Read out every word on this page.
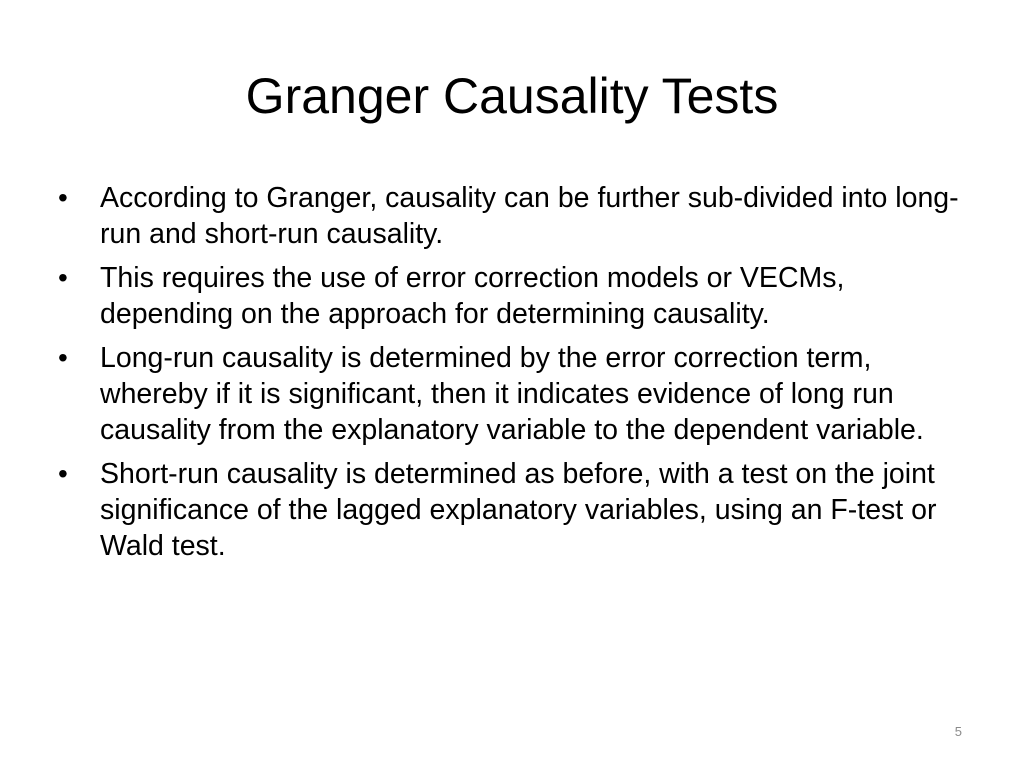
Granger Causality Tests
•	According to Granger, causality can be further sub-divided into long-run and short-run causality.
•	This requires the use of error correction models or VECMs, depending on the approach for determining causality.
•	Long-run causality is determined by the error correction term, whereby if it is significant, then it indicates evidence of long run causality from the explanatory variable to the dependent variable.
•	Short-run causality is determined as before, with a test on the joint significance of the lagged explanatory variables, using an F-test or Wald test.
5
